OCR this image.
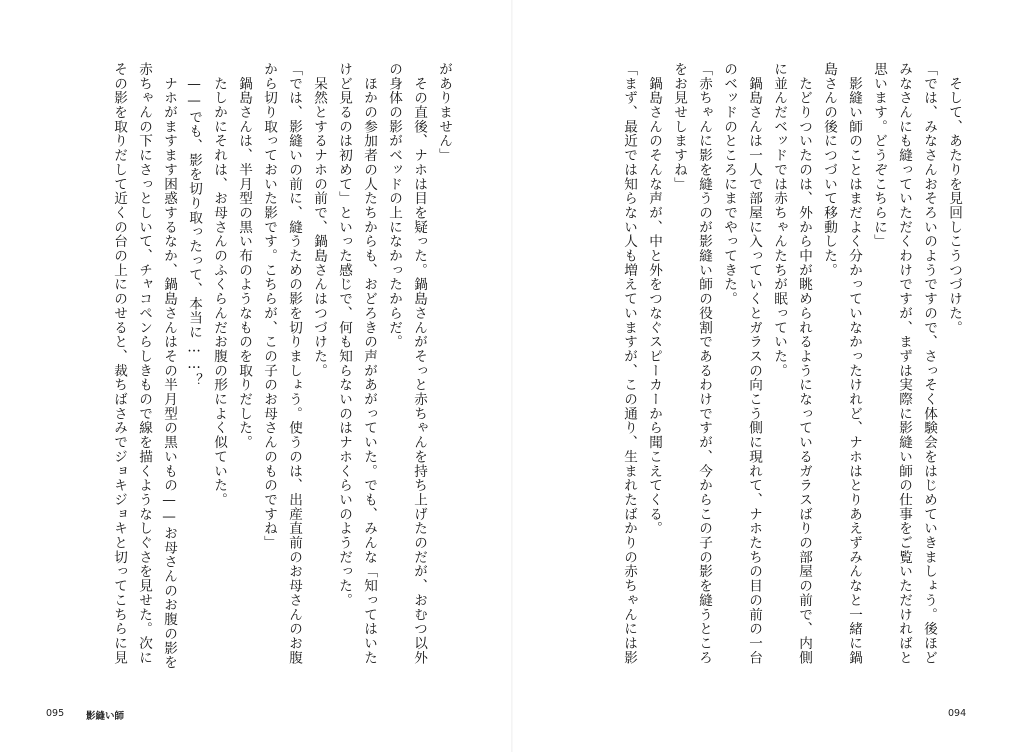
　そして、あたりを見回しこうつづけた。
「では、みなさんおそろいのようですので、さっそく体験会をはじめていきましょう。後ほど
みなさんにも縫っていただくわけですが、まずは実際に影縫い師の仕事をご覧いただければと
思います。どうぞこちらに」
　影縫い師のことはまだよく分かっていなかったけれど、ナホはとりあえずみんなと一緒に鍋
島さんの後につづいて移動した。
　たどりついたのは、外から中が眺められるようになっているガラスばりの部屋の前で、内側
に並んだベッドでは赤ちゃんたちが眠っていた。
　鍋島さんは一人で部屋に入っていくとガラスの向こう側に現れて、ナホたちの目の前の一台
のベッドのところにまでやってきた。
「赤ちゃんに影を縫うのが影縫い師の役割であるわけですが、今からこの子の影を縫うところ
をお見せしますね」
　鍋島さんのそんな声が、中と外をつなぐスピーカーから聞こえてくる。
「まず、最近では知らない人も増えていますが、この通り、生まれたばかりの赤ちゃんには影
がありません」
　その直後、ナホは目を疑った。鍋島さんがそっと赤ちゃんを持ち上げたのだが、おむつ以外
の身体の影がベッドの上になかったからだ。
　ほかの参加者の人たちからも、おどろきの声があがっていた。でも、みんな「知ってはいた
けど見るのは初めて」といった感じで、何も知らないのはナホくらいのようだった。
　呆然とするナホの前で、鍋島さんはつづけた。
「では、影縫いの前に、縫うための影を切りましょう。使うのは、出産直前のお母さんのお腹
から切り取っておいた影です。こちらが、この子のお母さんのものですね」
　鍋島さんは、半月型の黒い布のようなものを取りだした。
　たしかにそれは、お母さんのふくらんだお腹の形によく似ていた。
　——でも、影を切り取ったって、本当に……？
　ナホがますます困惑するなか、鍋島さんはその半月型の黒いもの——お母さんのお腹の影を
赤ちゃんの下にさっとしいて、チャコペンらしきもので線を描くようなしぐさを見せた。次に
その影を取りだして近くの台の上にのせると、裁ちばさみでジョキジョキと切ってこちらに見
095 影縫い師	094
